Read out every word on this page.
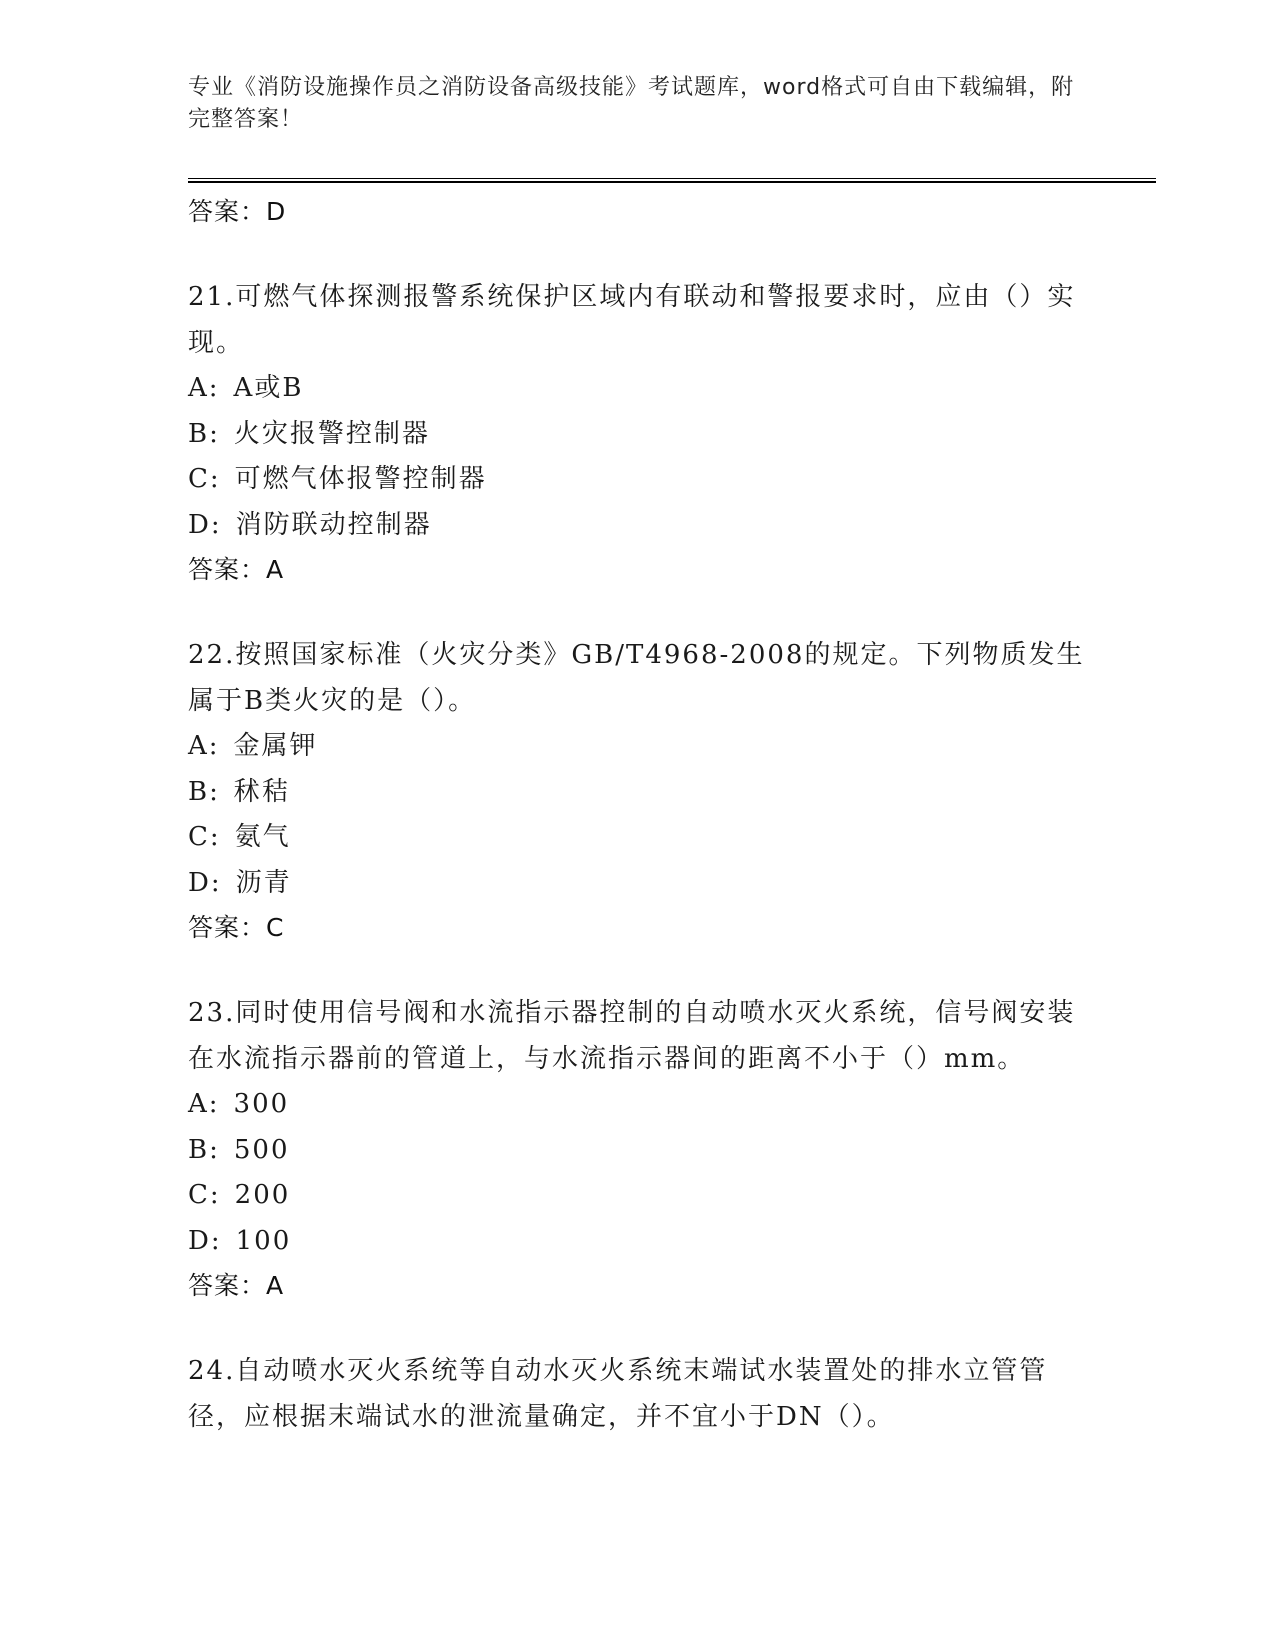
专业《消防设施操作员之消防设备高级技能》考试题库，word格式可自由下载编辑，附完整答案！
答案：D
21.可燃气体探测报警系统保护区域内有联动和警报要求时，应由（）实现。
A: A或B
B: 火灾报警控制器
C: 可燃气体报警控制器
D: 消防联动控制器
答案：A
22.按照国家标准（火灾分类》GB/T4968-2008的规定。下列物质发生属于B类火灾的是（）。
A: 金属钾
B: 秫秸
C: 氨气
D: 沥青
答案：C
23.同时使用信号阀和水流指示器控制的自动喷水灭火系统，信号阀安装在水流指示器前的管道上，与水流指示器间的距离不小于（）mm。
A: 300
B: 500
C: 200
D: 100
答案：A
24.自动喷水灭火系统等自动水灭火系统末端试水装置处的排水立管管径，应根据末端试水的泄流量确定，并不宜小于DN（）。
